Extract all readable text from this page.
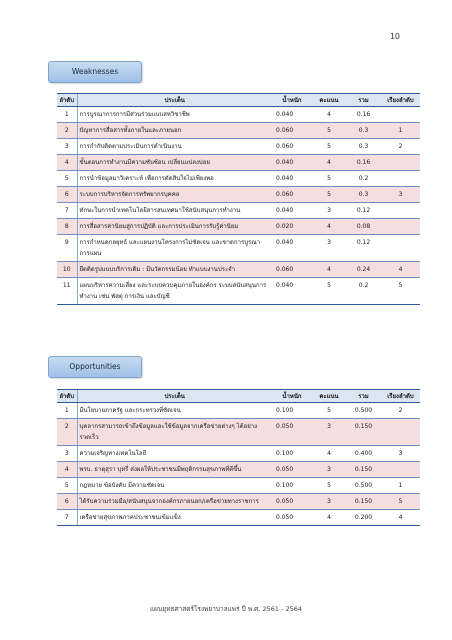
10
Weaknesses
ลำดับ	ประเด็น	น้ำหนัก	คะแนน	รวม	เรียงลำดับ
1	การบูรณาการการมีส่วนร่วมแบบสหวิชาชีพ	0.040	4	0.16	
2	ปัญหาการสื่อสารทั้งภายในและภายนอก	0.060	5	0.3	1
3	การกำกับติดตามประเมินการดำเนินงาน	0.060	5	0.3	2
4	ขั้นตอนการทำงานมีความซับซ้อน เปลี่ยนแปลงบ่อย	0.040	4	0.16	
5	การนำข้อมูลมาวิเคราะห์ เพื่อการตัดสินใจไม่เพียงพอ	0.040	5	0.2	
6	ระบบการบริหารจัดการทรัพยากรบุคคล	0.060	5	0.3	3
7	ทักษะในการนำเทคโนโลยีสารสนเทศมาใช้สนับสนุนการทำงาน	0.040	3	0.12	
8	การสื่อสารค่านิยมสู่การปฏิบัติ และการประเมินการรับรู้ค่านิยม	0.020	4	0.08	
9	การกำหนดกลยุทธ์ และแผนงานโครงการไม่ชัดเจน และขาดการบูรณาการแผน	0.040	3	0.12	
10	ยึดติดรูปแบบบริการเดิม : มีนวัตกรรมน้อย ทำแบบงานประจำ	0.060	4	0.24	4
11	แผนบริหารความเสี่ยง และระบบควบคุมภายในองค์กร ระบบสนับสนุนการทำงาน เช่น พัสดุ การเงิน และบัญชี	0.040	5	0.2	5
Opportunities
ลำดับ	ประเด็น	น้ำหนัก	คะแนน	รวม	เรียงลำดับ
1	มีนโยบายภาครัฐ และกระทรวงที่ชัดเจน	0.100	5	0.500	2
2	บุคลากรสามารถเข้าถึงข้อมูลและใช้ข้อมูลจากเครือข่ายต่างๆ ได้อย่างรวดเร็ว	0.050	3	0.150	
3	ความเจริญทางเทคโนโลยี	0.100	4	0.400	3
4	พรบ. ธาตุสุรา บุหรี่ ส่งผลให้ประชาชนมีพฤติกรรมสุขภาพที่ดีขึ้น	0.050	3	0.150	
5	กฎหมาย ข้อบังคับ มีความชัดเจน	0.100	5	0.500	1
6	ได้รับความร่วมมือ/สนับสนุนจากองค์กรภายนอก/เครือข่ายทางราชการ	0.050	3	0.150	5
7	เครือข่ายสุขภาพภาคประชาชนเข้มแข็ง	0.050	4	0.200	4
แผนยุทธศาสตร์โรงพยาบาลแพร่ ปี พ.ศ. 2561 - 2564
